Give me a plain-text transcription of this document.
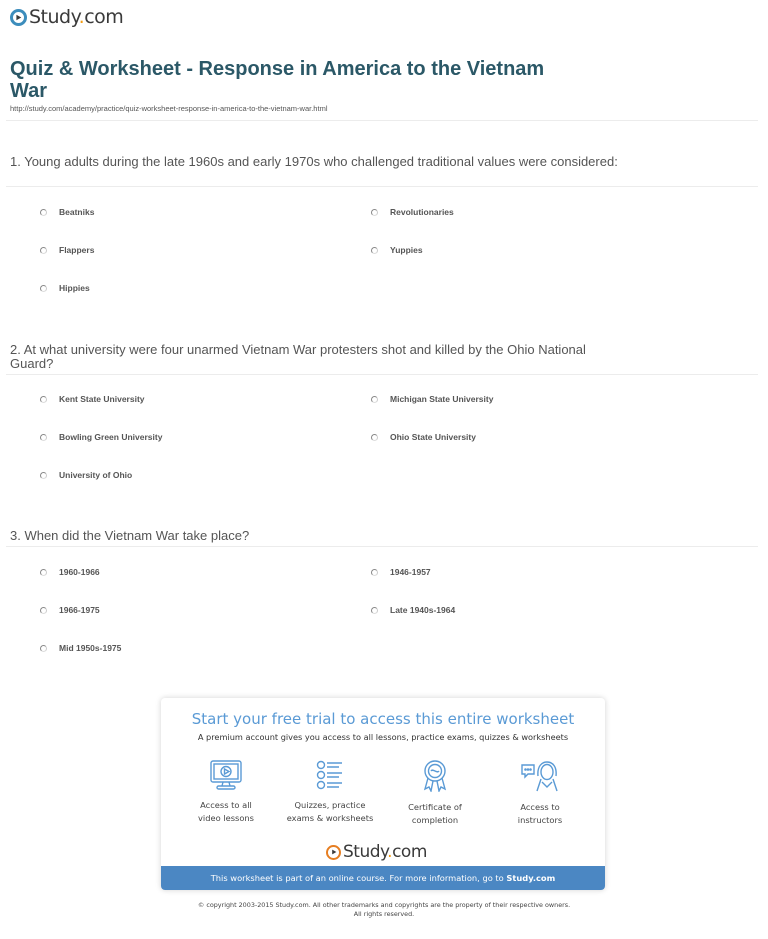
Study.com
Quiz & Worksheet - Response in America to the Vietnam War
http://study.com/academy/practice/quiz-worksheet-response-in-america-to-the-vietnam-war.html
1. Young adults during the late 1960s and early 1970s who challenged traditional values were considered:
Beatniks	Revolutionaries
Flappers	Yuppies
Hippies
2. At what university were four unarmed Vietnam War protesters shot and killed by the Ohio National Guard?
Kent State University	Michigan State University
Bowling Green University	Ohio State University
University of Ohio
3. When did the Vietnam War take place?
1960-1966	1946-1957
1966-1975	Late 1940s-1964
Mid 1950s-1975
Start your free trial to access this entire worksheet
A premium account gives you access to all lessons, practice exams, quizzes & worksheets
Access to all
video lessons
Quizzes, practice
exams & worksheets
Certificate of
completion
Access to
instructors
Study.com
This worksheet is part of an online course. For more information, go to Study.com
© copyright 2003-2015 Study.com. All other trademarks and copyrights are the property of their respective owners.
All rights reserved.
